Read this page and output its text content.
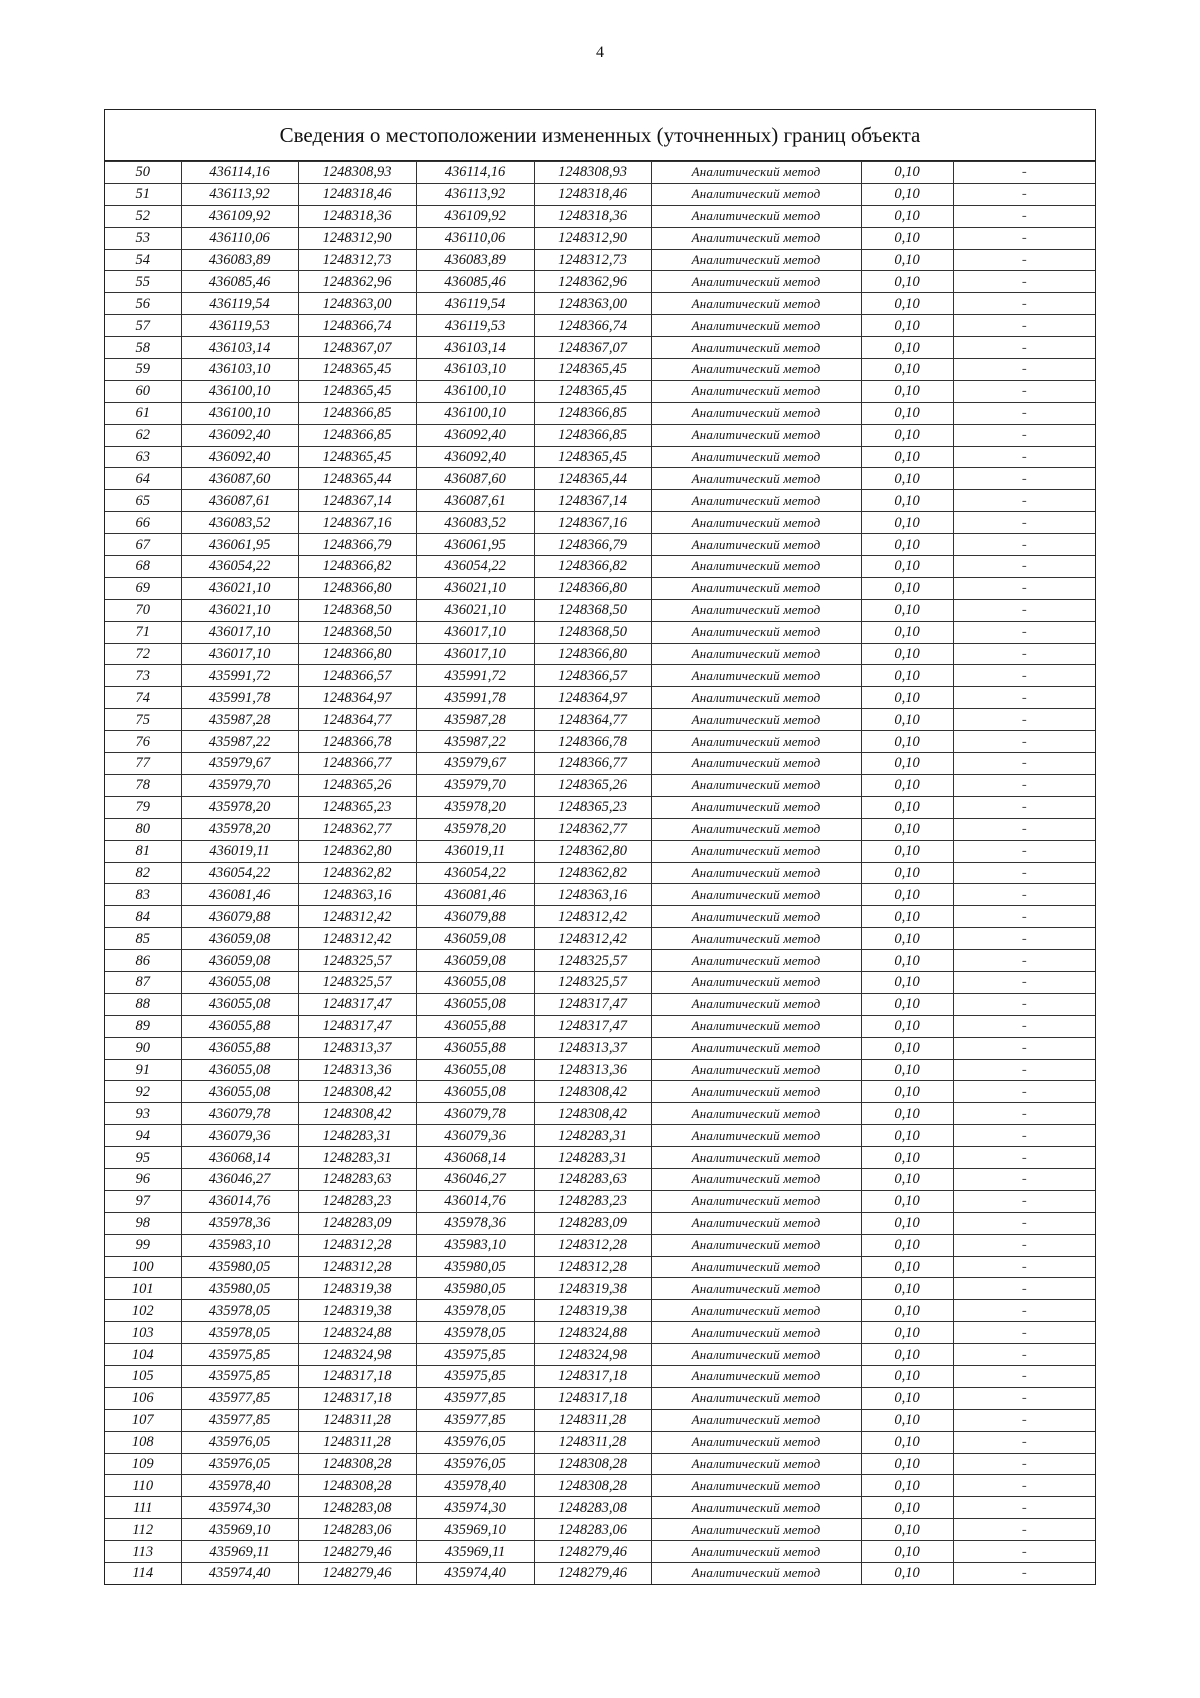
4
Сведения о местоположении измененных (уточненных) границ объекта
50	436114,16	1248308,93	436114,16	1248308,93	Аналитический метод	0,10	-
51	436113,92	1248318,46	436113,92	1248318,46	Аналитический метод	0,10	-
52	436109,92	1248318,36	436109,92	1248318,36	Аналитический метод	0,10	-
53	436110,06	1248312,90	436110,06	1248312,90	Аналитический метод	0,10	-
54	436083,89	1248312,73	436083,89	1248312,73	Аналитический метод	0,10	-
55	436085,46	1248362,96	436085,46	1248362,96	Аналитический метод	0,10	-
56	436119,54	1248363,00	436119,54	1248363,00	Аналитический метод	0,10	-
57	436119,53	1248366,74	436119,53	1248366,74	Аналитический метод	0,10	-
58	436103,14	1248367,07	436103,14	1248367,07	Аналитический метод	0,10	-
59	436103,10	1248365,45	436103,10	1248365,45	Аналитический метод	0,10	-
60	436100,10	1248365,45	436100,10	1248365,45	Аналитический метод	0,10	-
61	436100,10	1248366,85	436100,10	1248366,85	Аналитический метод	0,10	-
62	436092,40	1248366,85	436092,40	1248366,85	Аналитический метод	0,10	-
63	436092,40	1248365,45	436092,40	1248365,45	Аналитический метод	0,10	-
64	436087,60	1248365,44	436087,60	1248365,44	Аналитический метод	0,10	-
65	436087,61	1248367,14	436087,61	1248367,14	Аналитический метод	0,10	-
66	436083,52	1248367,16	436083,52	1248367,16	Аналитический метод	0,10	-
67	436061,95	1248366,79	436061,95	1248366,79	Аналитический метод	0,10	-
68	436054,22	1248366,82	436054,22	1248366,82	Аналитический метод	0,10	-
69	436021,10	1248366,80	436021,10	1248366,80	Аналитический метод	0,10	-
70	436021,10	1248368,50	436021,10	1248368,50	Аналитический метод	0,10	-
71	436017,10	1248368,50	436017,10	1248368,50	Аналитический метод	0,10	-
72	436017,10	1248366,80	436017,10	1248366,80	Аналитический метод	0,10	-
73	435991,72	1248366,57	435991,72	1248366,57	Аналитический метод	0,10	-
74	435991,78	1248364,97	435991,78	1248364,97	Аналитический метод	0,10	-
75	435987,28	1248364,77	435987,28	1248364,77	Аналитический метод	0,10	-
76	435987,22	1248366,78	435987,22	1248366,78	Аналитический метод	0,10	-
77	435979,67	1248366,77	435979,67	1248366,77	Аналитический метод	0,10	-
78	435979,70	1248365,26	435979,70	1248365,26	Аналитический метод	0,10	-
79	435978,20	1248365,23	435978,20	1248365,23	Аналитический метод	0,10	-
80	435978,20	1248362,77	435978,20	1248362,77	Аналитический метод	0,10	-
81	436019,11	1248362,80	436019,11	1248362,80	Аналитический метод	0,10	-
82	436054,22	1248362,82	436054,22	1248362,82	Аналитический метод	0,10	-
83	436081,46	1248363,16	436081,46	1248363,16	Аналитический метод	0,10	-
84	436079,88	1248312,42	436079,88	1248312,42	Аналитический метод	0,10	-
85	436059,08	1248312,42	436059,08	1248312,42	Аналитический метод	0,10	-
86	436059,08	1248325,57	436059,08	1248325,57	Аналитический метод	0,10	-
87	436055,08	1248325,57	436055,08	1248325,57	Аналитический метод	0,10	-
88	436055,08	1248317,47	436055,08	1248317,47	Аналитический метод	0,10	-
89	436055,88	1248317,47	436055,88	1248317,47	Аналитический метод	0,10	-
90	436055,88	1248313,37	436055,88	1248313,37	Аналитический метод	0,10	-
91	436055,08	1248313,36	436055,08	1248313,36	Аналитический метод	0,10	-
92	436055,08	1248308,42	436055,08	1248308,42	Аналитический метод	0,10	-
93	436079,78	1248308,42	436079,78	1248308,42	Аналитический метод	0,10	-
94	436079,36	1248283,31	436079,36	1248283,31	Аналитический метод	0,10	-
95	436068,14	1248283,31	436068,14	1248283,31	Аналитический метод	0,10	-
96	436046,27	1248283,63	436046,27	1248283,63	Аналитический метод	0,10	-
97	436014,76	1248283,23	436014,76	1248283,23	Аналитический метод	0,10	-
98	435978,36	1248283,09	435978,36	1248283,09	Аналитический метод	0,10	-
99	435983,10	1248312,28	435983,10	1248312,28	Аналитический метод	0,10	-
100	435980,05	1248312,28	435980,05	1248312,28	Аналитический метод	0,10	-
101	435980,05	1248319,38	435980,05	1248319,38	Аналитический метод	0,10	-
102	435978,05	1248319,38	435978,05	1248319,38	Аналитический метод	0,10	-
103	435978,05	1248324,88	435978,05	1248324,88	Аналитический метод	0,10	-
104	435975,85	1248324,98	435975,85	1248324,98	Аналитический метод	0,10	-
105	435975,85	1248317,18	435975,85	1248317,18	Аналитический метод	0,10	-
106	435977,85	1248317,18	435977,85	1248317,18	Аналитический метод	0,10	-
107	435977,85	1248311,28	435977,85	1248311,28	Аналитический метод	0,10	-
108	435976,05	1248311,28	435976,05	1248311,28	Аналитический метод	0,10	-
109	435976,05	1248308,28	435976,05	1248308,28	Аналитический метод	0,10	-
110	435978,40	1248308,28	435978,40	1248308,28	Аналитический метод	0,10	-
111	435974,30	1248283,08	435974,30	1248283,08	Аналитический метод	0,10	-
112	435969,10	1248283,06	435969,10	1248283,06	Аналитический метод	0,10	-
113	435969,11	1248279,46	435969,11	1248279,46	Аналитический метод	0,10	-
114	435974,40	1248279,46	435974,40	1248279,46	Аналитический метод	0,10	-
